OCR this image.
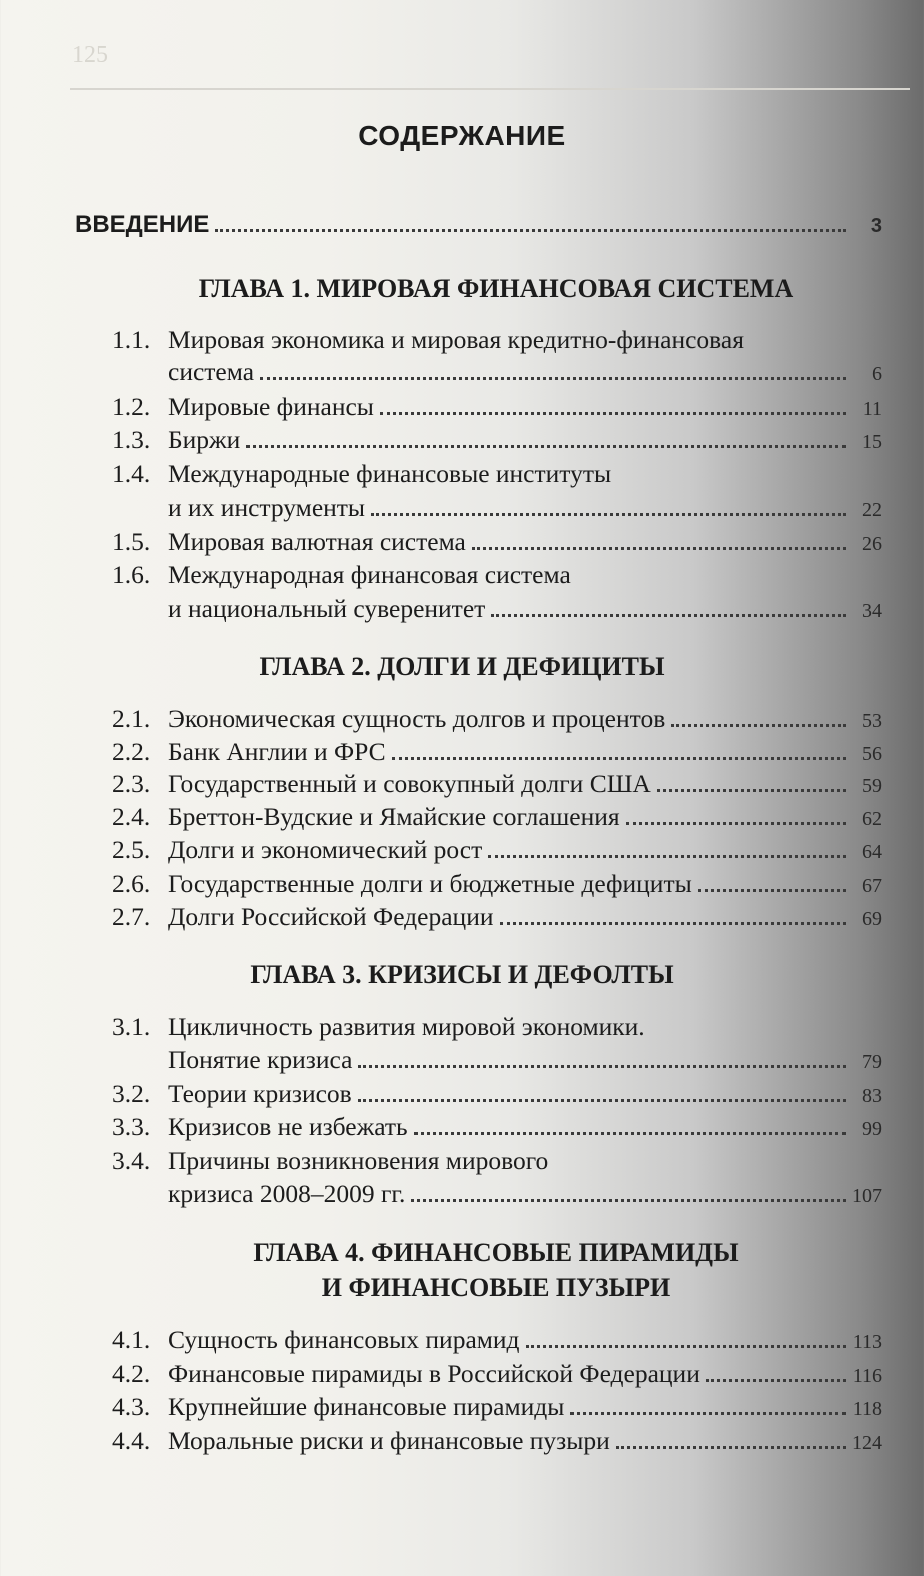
125
СОДЕРЖАНИЕ
ВВЕДЕНИЕ	3
ГЛАВА 1. МИРОВАЯ ФИНАНСОВАЯ СИСТЕМА
1.1. Мировая экономика и мировая кредитно-финансовая
система	6
1.2. Мировые финансы	11
1.3. Биржи	15
1.4. Международные финансовые институты
и их инструменты	22
1.5. Мировая валютная система	26
1.6. Международная финансовая система
и национальный суверенитет	34
ГЛАВА 2. ДОЛГИ И ДЕФИЦИТЫ
2.1. Экономическая сущность долгов и процентов	53
2.2. Банк Англии и ФРС	56
2.3. Государственный и совокупный долги США	59
2.4. Бреттон-Вудские и Ямайские соглашения	62
2.5. Долги и экономический рост	64
2.6. Государственные долги и бюджетные дефициты	67
2.7. Долги Российской Федерации	69
ГЛАВА 3. КРИЗИСЫ И ДЕФОЛТЫ
3.1. Цикличность развития мировой экономики.
Понятие кризиса	79
3.2. Теории кризисов	83
3.3. Кризисов не избежать	99
3.4. Причины возникновения мирового
кризиса 2008–2009 гг.	107
ГЛАВА 4. ФИНАНСОВЫЕ ПИРАМИДЫ
И ФИНАНСОВЫЕ ПУЗЫРИ
4.1. Сущность финансовых пирамид	113
4.2. Финансовые пирамиды в Российской Федерации	116
4.3. Крупнейшие финансовые пирамиды	118
4.4. Моральные риски и финансовые пузыри	124
